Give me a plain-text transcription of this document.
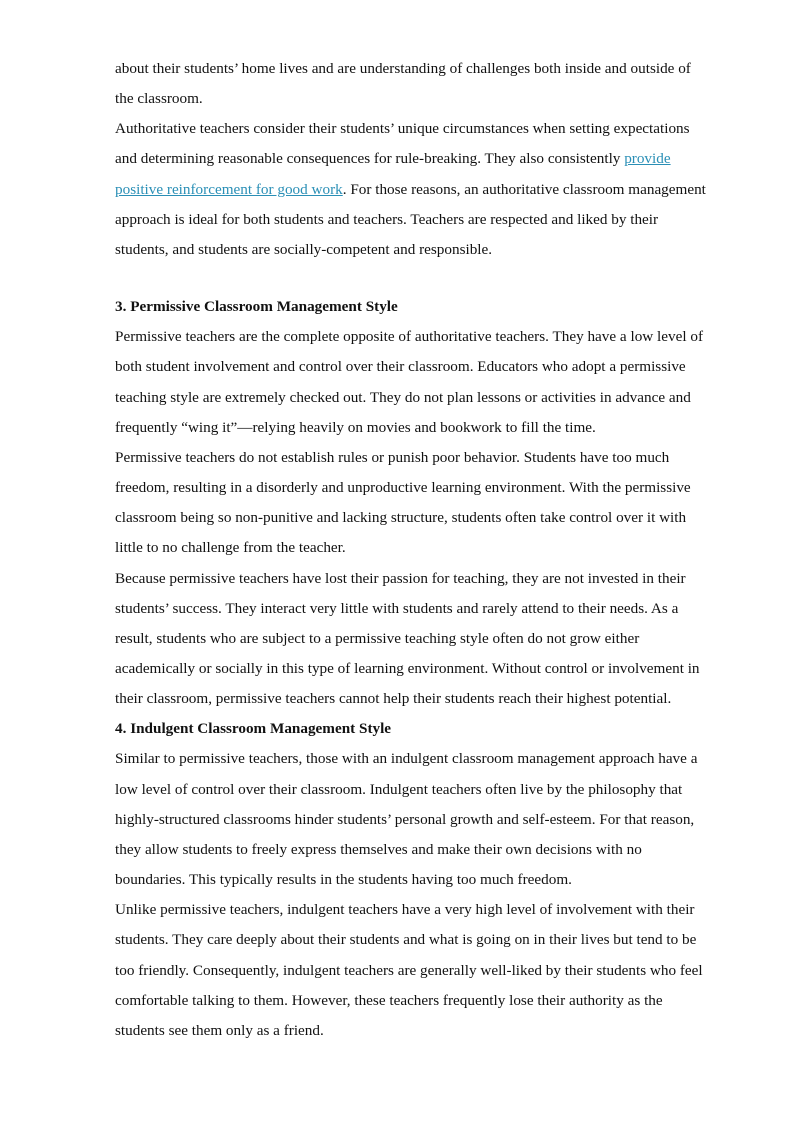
about their students’ home lives and are understanding of challenges both inside and outside of

the classroom.

Authoritative teachers consider their students’ unique circumstances when setting expectations

and determining reasonable consequences for rule-breaking. They also consistently provide

positive reinforcement for good work. For those reasons, an authoritative classroom management

approach is ideal for both students and teachers. Teachers are respected and liked by their

students, and students are socially-competent and responsible.

3. Permissive Classroom Management Style

Permissive teachers are the complete opposite of authoritative teachers. They have a low level of

both student involvement and control over their classroom. Educators who adopt a permissive

teaching style are extremely checked out. They do not plan lessons or activities in advance and

frequently “wing it”—relying heavily on movies and bookwork to fill the time.

Permissive teachers do not establish rules or punish poor behavior. Students have too much

freedom, resulting in a disorderly and unproductive learning environment. With the permissive

classroom being so non-punitive and lacking structure, students often take control over it with

little to no challenge from the teacher.

Because permissive teachers have lost their passion for teaching, they are not invested in their

students’ success. They interact very little with students and rarely attend to their needs. As a

result, students who are subject to a permissive teaching style often do not grow either

academically or socially in this type of learning environment. Without control or involvement in

their classroom, permissive teachers cannot help their students reach their highest potential.

4. Indulgent Classroom Management Style

Similar to permissive teachers, those with an indulgent classroom management approach have a

low level of control over their classroom. Indulgent teachers often live by the philosophy that

highly-structured classrooms hinder students’ personal growth and self-esteem. For that reason,

they allow students to freely express themselves and make their own decisions with no

boundaries. This typically results in the students having too much freedom.

Unlike permissive teachers, indulgent teachers have a very high level of involvement with their

students. They care deeply about their students and what is going on in their lives but tend to be

too friendly. Consequently, indulgent teachers are generally well-liked by their students who feel

comfortable talking to them. However, these teachers frequently lose their authority as the

students see them only as a friend.
